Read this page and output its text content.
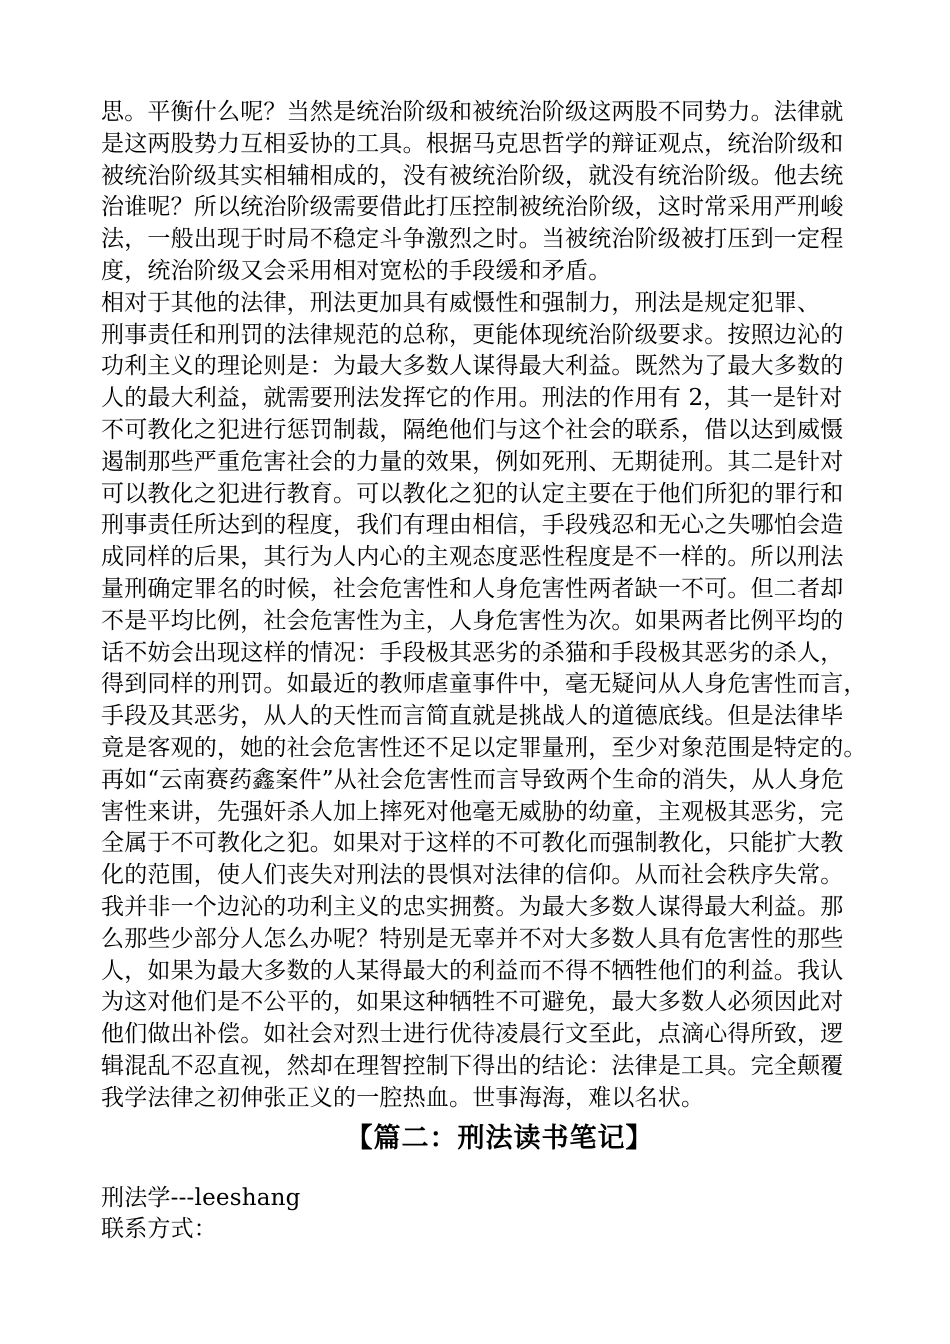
思。平衡什么呢？当然是统治阶级和被统治阶级这两股不同势力。法律就
是这两股势力互相妥协的工具。根据马克思哲学的辩证观点，统治阶级和
被统治阶级其实相辅相成的，没有被统治阶级，就没有统治阶级。他去统
治谁呢？所以统治阶级需要借此打压控制被统治阶级，这时常采用严刑峻
法，一般出现于时局不稳定斗争激烈之时。当被统治阶级被打压到一定程
度，统治阶级又会采用相对宽松的手段缓和矛盾。
相对于其他的法律，刑法更加具有威慑性和强制力，刑法是规定犯罪、
刑事责任和刑罚的法律规范的总称，更能体现统治阶级要求。按照边沁的
功利主义的理论则是：为最大多数人谋得最大利益。既然为了最大多数的
人的最大利益，就需要刑法发挥它的作用。刑法的作用有 2，其一是针对
不可教化之犯进行惩罚制裁，隔绝他们与这个社会的联系，借以达到威慑
遏制那些严重危害社会的力量的效果，例如死刑、无期徒刑。其二是针对
可以教化之犯进行教育。可以教化之犯的认定主要在于他们所犯的罪行和
刑事责任所达到的程度，我们有理由相信，手段残忍和无心之失哪怕会造
成同样的后果，其行为人内心的主观态度恶性程度是不一样的。所以刑法
量刑确定罪名的时候，社会危害性和人身危害性两者缺一不可。但二者却
不是平均比例，社会危害性为主，人身危害性为次。如果两者比例平均的
话不妨会出现这样的情况：手段极其恶劣的杀猫和手段极其恶劣的杀人，
得到同样的刑罚。如最近的教师虐童事件中，毫无疑问从人身危害性而言，
手段及其恶劣，从人的天性而言简直就是挑战人的道德底线。但是法律毕
竟是客观的，她的社会危害性还不足以定罪量刑，至少对象范围是特定的。
再如“云南赛药鑫案件”从社会危害性而言导致两个生命的消失，从人身危
害性来讲，先强奸杀人加上摔死对他毫无威胁的幼童，主观极其恶劣，完
全属于不可教化之犯。如果对于这样的不可教化而强制教化，只能扩大教
化的范围，使人们丧失对刑法的畏惧对法律的信仰。从而社会秩序失常。
我并非一个边沁的功利主义的忠实拥赘。为最大多数人谋得最大利益。那
么那些少部分人怎么办呢？特别是无辜并不对大多数人具有危害性的那些
人，如果为最大多数的人某得最大的利益而不得不牺牲他们的利益。我认
为这对他们是不公平的，如果这种牺牲不可避免，最大多数人必须因此对
他们做出补偿。如社会对烈士进行优待凌晨行文至此，点滴心得所致，逻
辑混乱不忍直视，然却在理智控制下得出的结论：法律是工具。完全颠覆
我学法律之初伸张正义的一腔热血。世事海海，难以名状。
【篇二：刑法读书笔记】
刑法学---leeshang
联系方式：
